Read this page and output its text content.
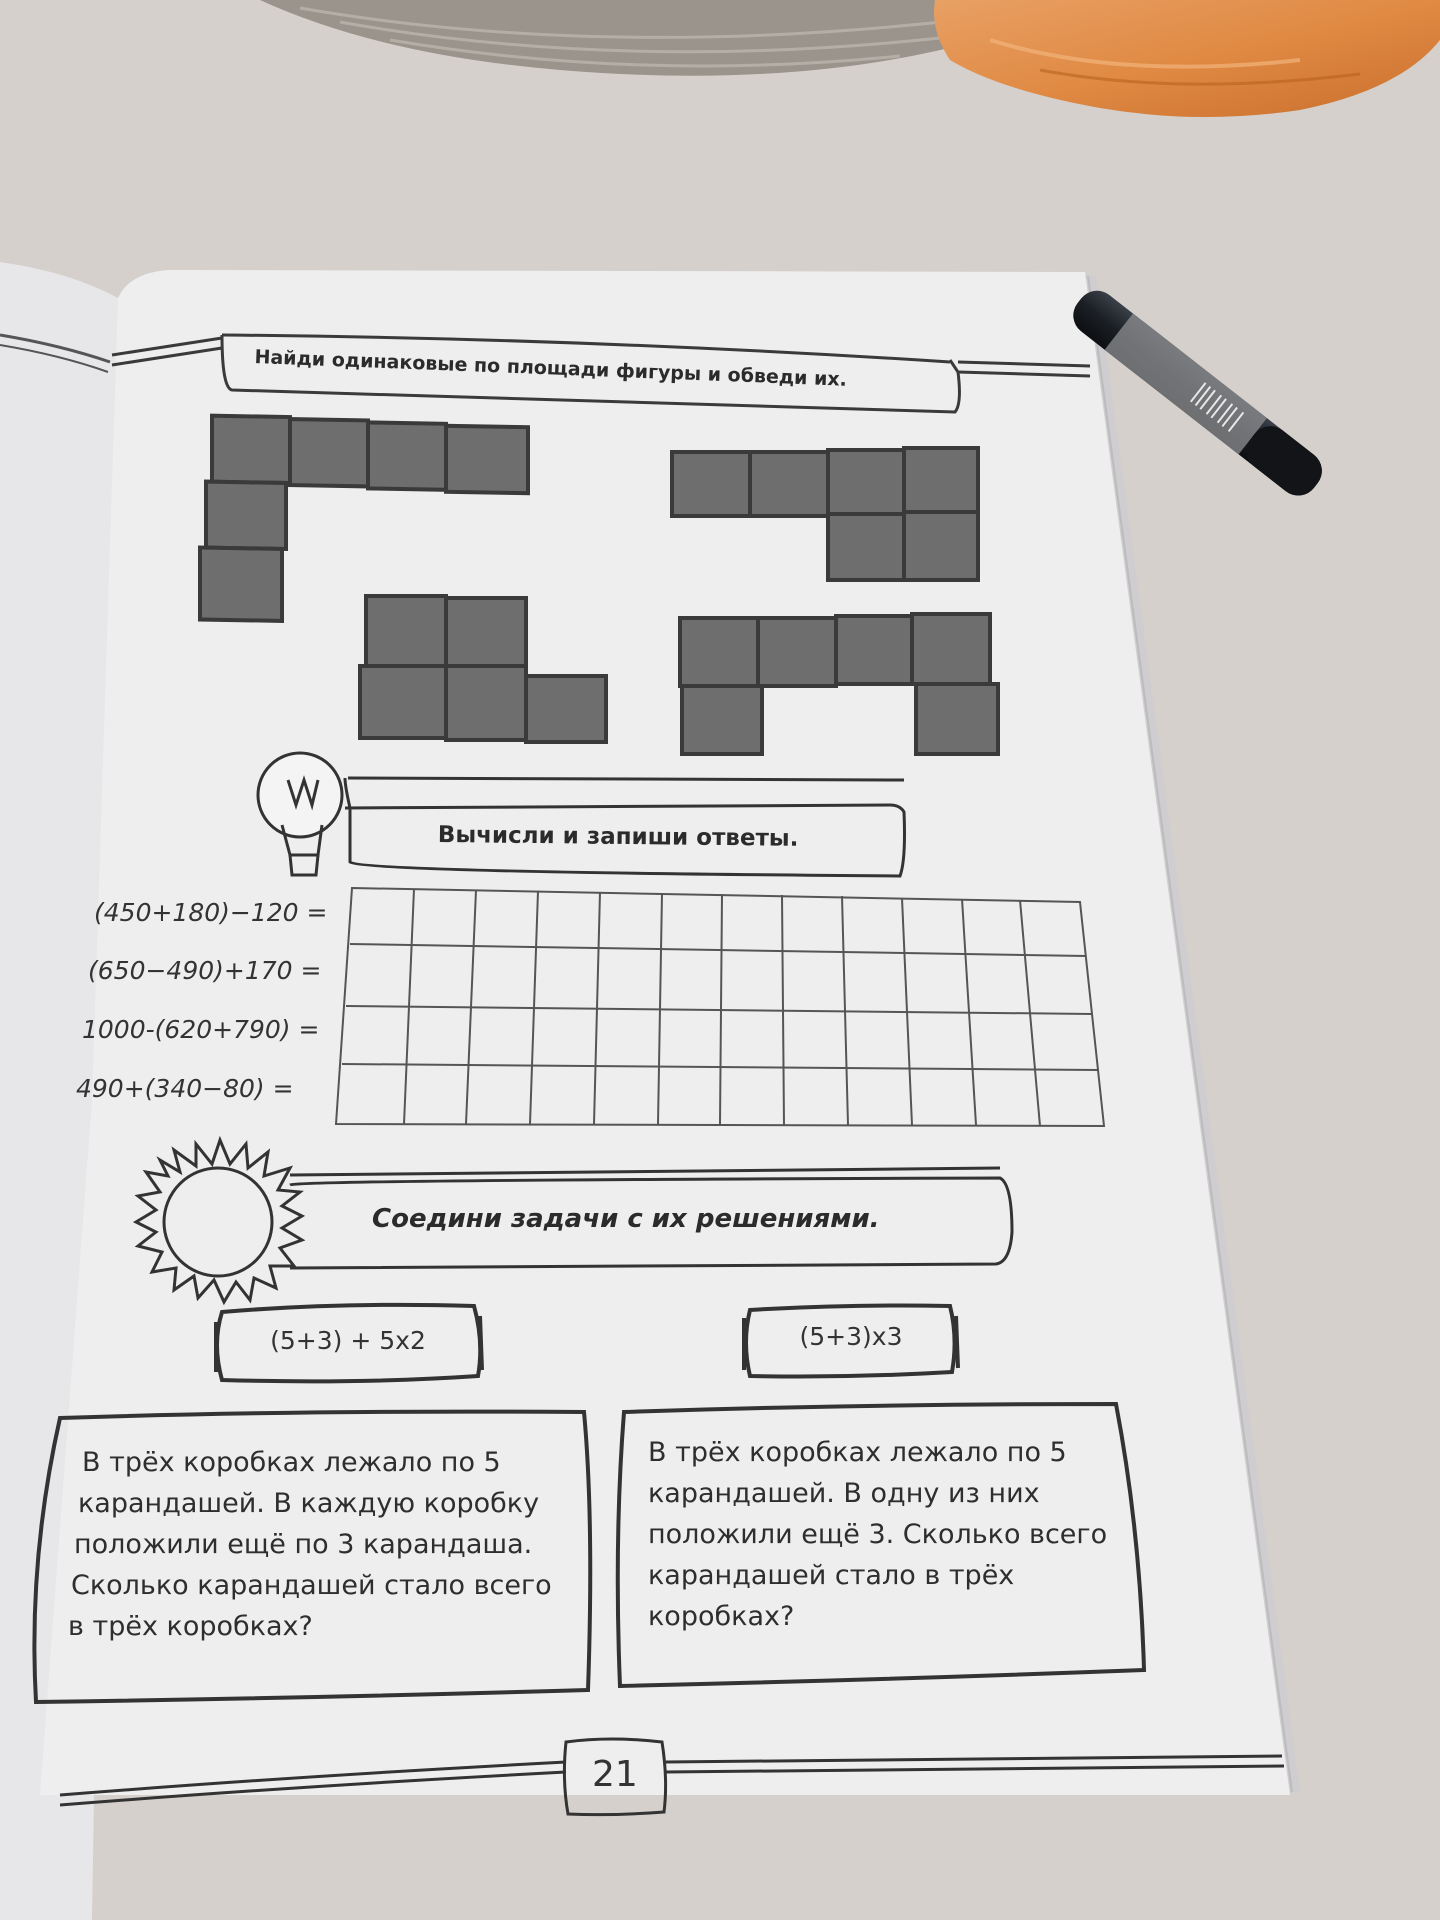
Найди одинаковые по площади фигуры и обведи их.
Вычисли и запиши ответы.
(450+180)−120 =
(650−490)+170 =
1000-(620+790) =
490+(340−80) =
Соедини задачи с их решениями.
(5+3) + 5x2	(5+3)x3
В трёх коробках лежало по 5
карандашей. В каждую коробку
положили ещё по 3 карандаша.
Сколько карандашей стало всего
в трёх коробках?
В трёх коробках лежало по 5
карандашей. В одну из них
положили ещё 3. Сколько всего
карандашей стало в трёх
коробках?
21
